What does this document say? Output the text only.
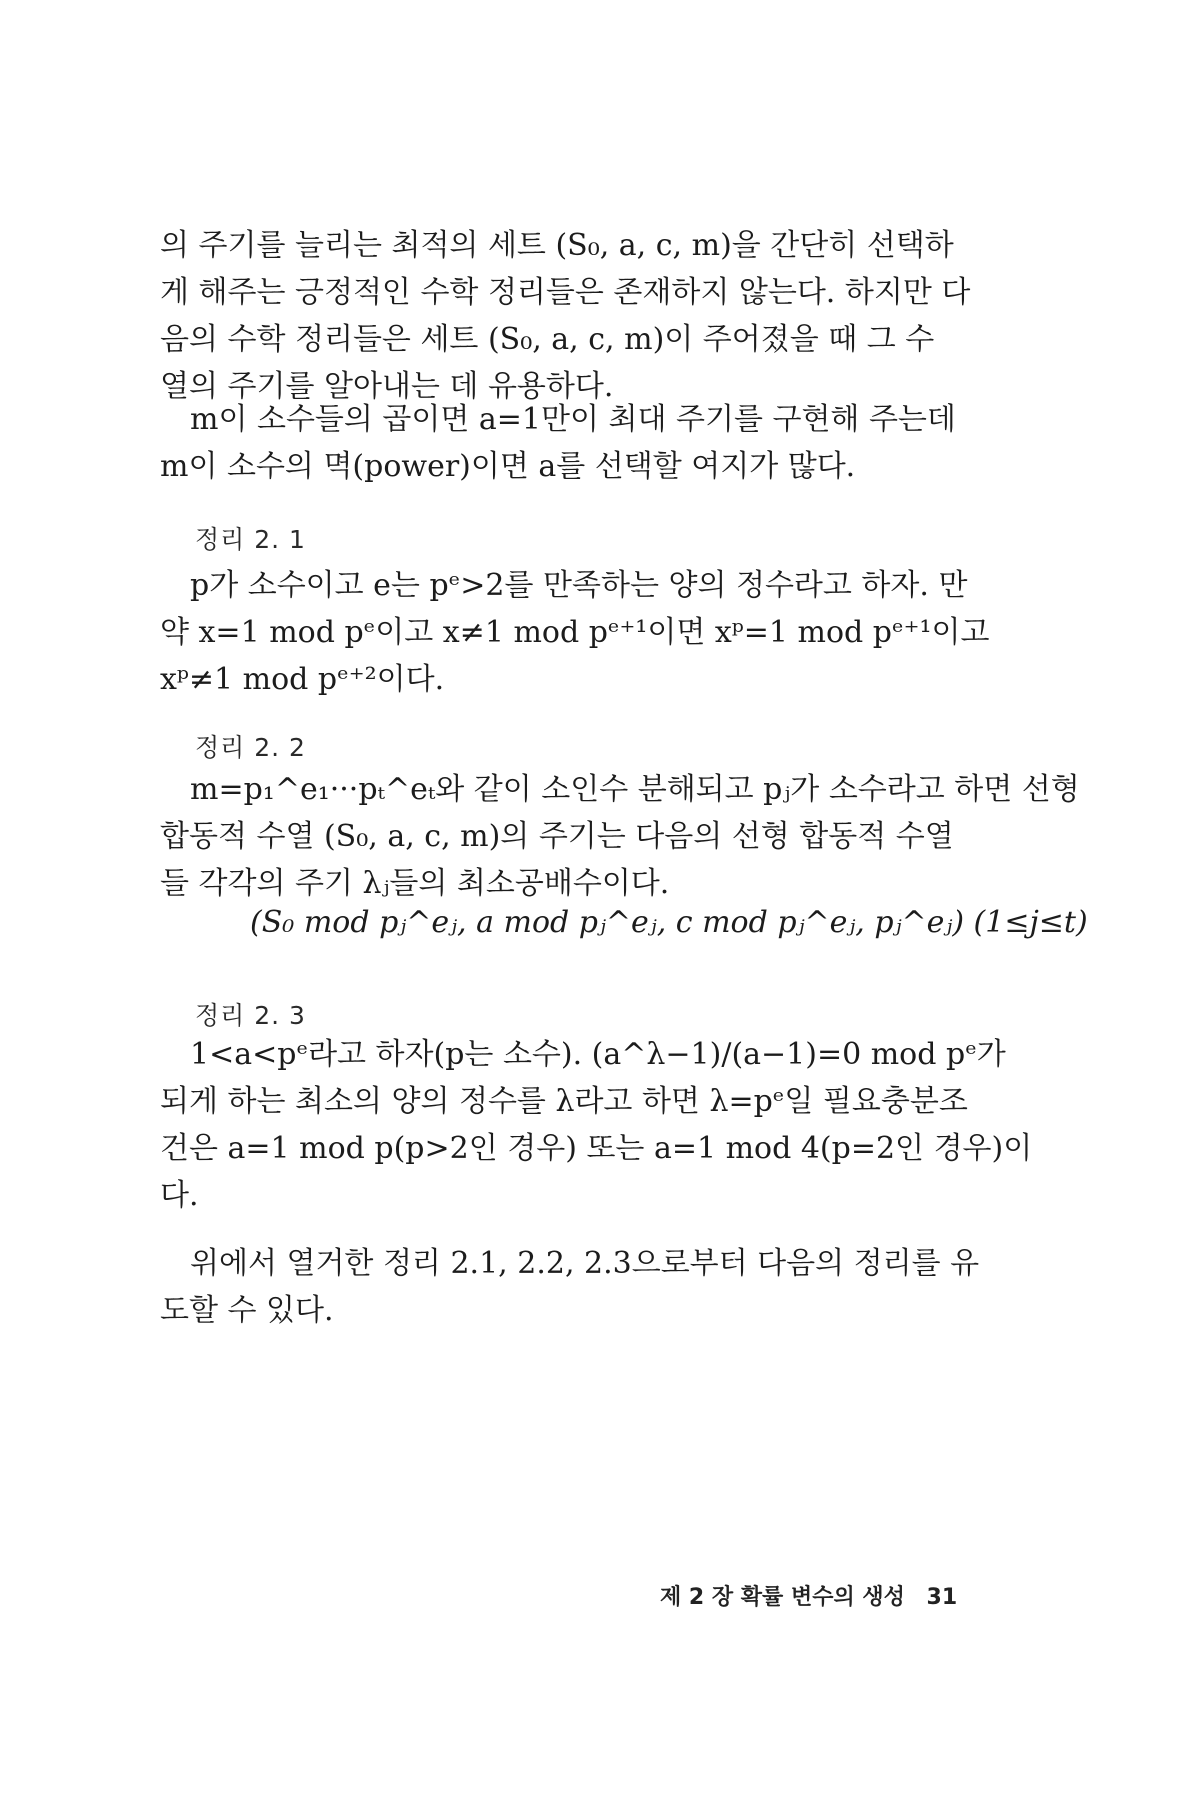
의 주기를 늘리는 최적의 세트 (S₀, a, c, m)을 간단히 선택하
게 해주는 긍정적인 수학 정리들은 존재하지 않는다. 하지만 다
음의 수학 정리들은 세트 (S₀, a, c, m)이 주어졌을 때 그 수
열의 주기를 알아내는 데 유용하다.
m이 소수들의 곱이면 a=1만이 최대 주기를 구현해 주는데
m이 소수의 멱(power)이면 a를 선택할 여지가 많다.
정리 2. 1
p가 소수이고 e는 pᵉ>2를 만족하는 양의 정수라고 하자. 만
약 x=1 mod pᵉ이고 x≠1 mod pᵉ⁺¹이면 xᵖ=1 mod pᵉ⁺¹이고
xᵖ≠1 mod pᵉ⁺²이다.
정리 2. 2
m=p₁^e₁···pₜ^eₜ와 같이 소인수 분해되고 pⱼ가 소수라고 하면 선형
합동적 수열 (S₀, a, c, m)의 주기는 다음의 선형 합동적 수열
들 각각의 주기 λⱼ들의 최소공배수이다.
(S₀ mod pⱼ^eⱼ, a mod pⱼ^eⱼ, c mod pⱼ^eⱼ, pⱼ^eⱼ) (1≤j≤t)
정리 2. 3
1<a<pᵉ라고 하자(p는 소수). (a^λ−1)/(a−1)=0 mod pᵉ가
되게 하는 최소의 양의 정수를 λ라고 하면 λ=pᵉ일 필요충분조
건은 a=1 mod p(p>2인 경우) 또는 a=1 mod 4(p=2인 경우)이
다.
위에서 열거한 정리 2.1, 2.2, 2.3으로부터 다음의 정리를 유
도할 수 있다.
제 2 장 확률 변수의 생성 31
